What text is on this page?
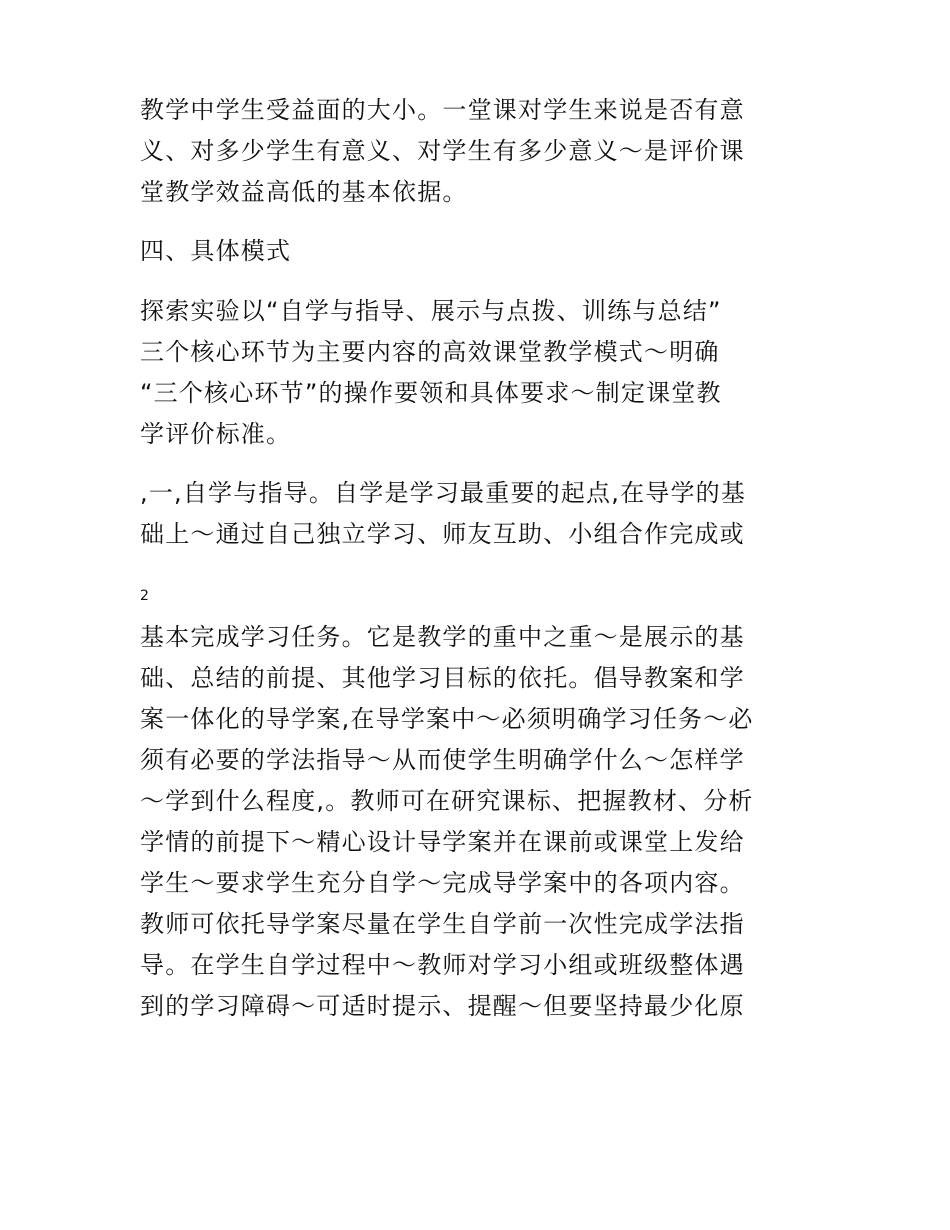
教学中学生受益面的大小。一堂课对学生来说是否有意
义、对多少学生有意义、对学生有多少意义～是评价课
堂教学效益高低的基本依据。
四、具体模式
探索实验以“自学与指导、展示与点拨、训练与总结”
三个核心环节为主要内容的高效课堂教学模式～明确
“三个核心环节”的操作要领和具体要求～制定课堂教
学评价标准。
,一,自学与指导。自学是学习最重要的起点,在导学的基
础上～通过自己独立学习、师友互助、小组合作完成或
2
基本完成学习任务。它是教学的重中之重～是展示的基
础、总结的前提、其他学习目标的依托。倡导教案和学
案一体化的导学案,在导学案中～必须明确学习任务～必
须有必要的学法指导～从而使学生明确学什么～怎样学
～学到什么程度,。教师可在研究课标、把握教材、分析
学情的前提下～精心设计导学案并在课前或课堂上发给
学生～要求学生充分自学～完成导学案中的各项内容。
教师可依托导学案尽量在学生自学前一次性完成学法指
导。在学生自学过程中～教师对学习小组或班级整体遇
到的学习障碍～可适时提示、提醒～但要坚持最少化原
